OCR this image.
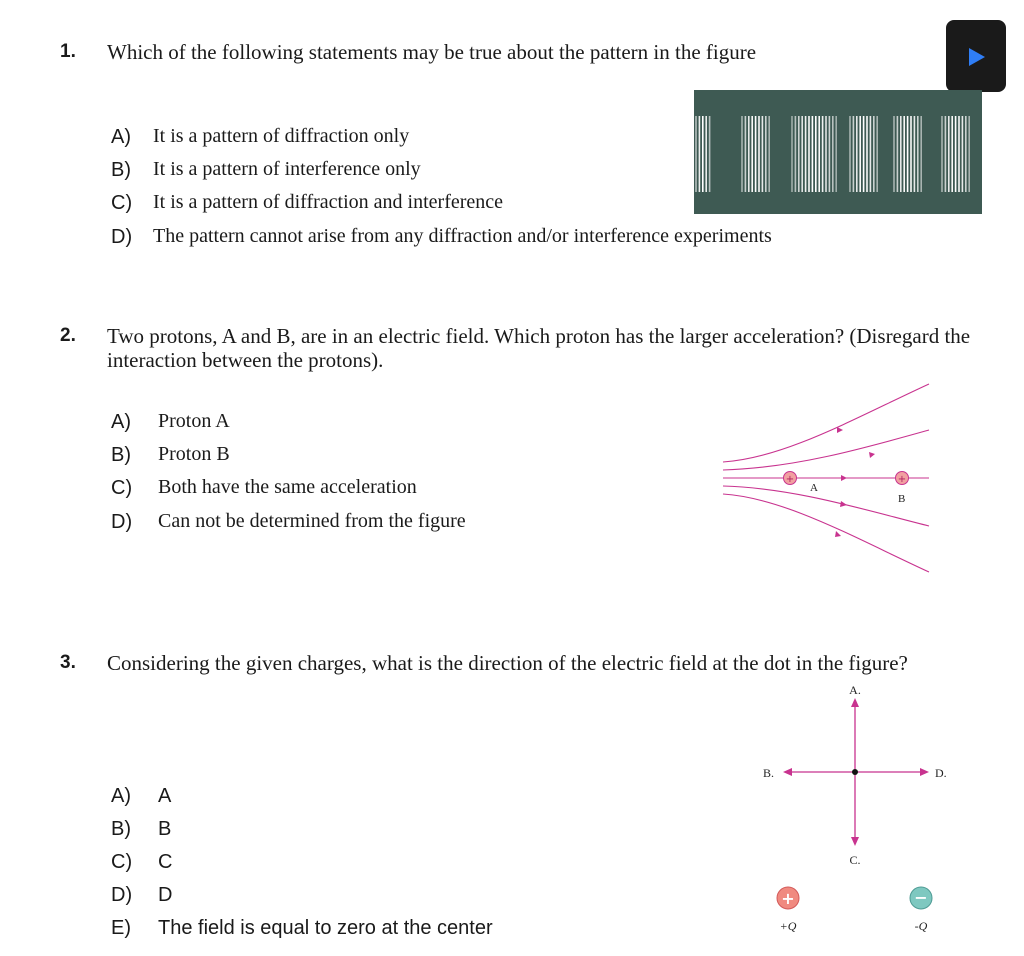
1. Which of the following statements may be true about the pattern in the figure
A) It is a pattern of diffraction only
B) It is a pattern of interference only
C) It is a pattern of diffraction and interference
D) The pattern cannot arise from any diffraction and/or interference experiments
2. Two protons, A and B, are in an electric field. Which proton has the larger acceleration? (Disregard the
interaction between the protons).
A) Proton A
B) Proton B
C) Both have the same acceleration
D) Can not be determined from the figure
+
A
+
B
3. Considering the given charges, what is the direction of the electric field at the dot in the figure?
A) A
B) B
C) C
D) D
E) The field is equal to zero at the center
A.
B.
C.
D.
+
+Q
−
-Q
